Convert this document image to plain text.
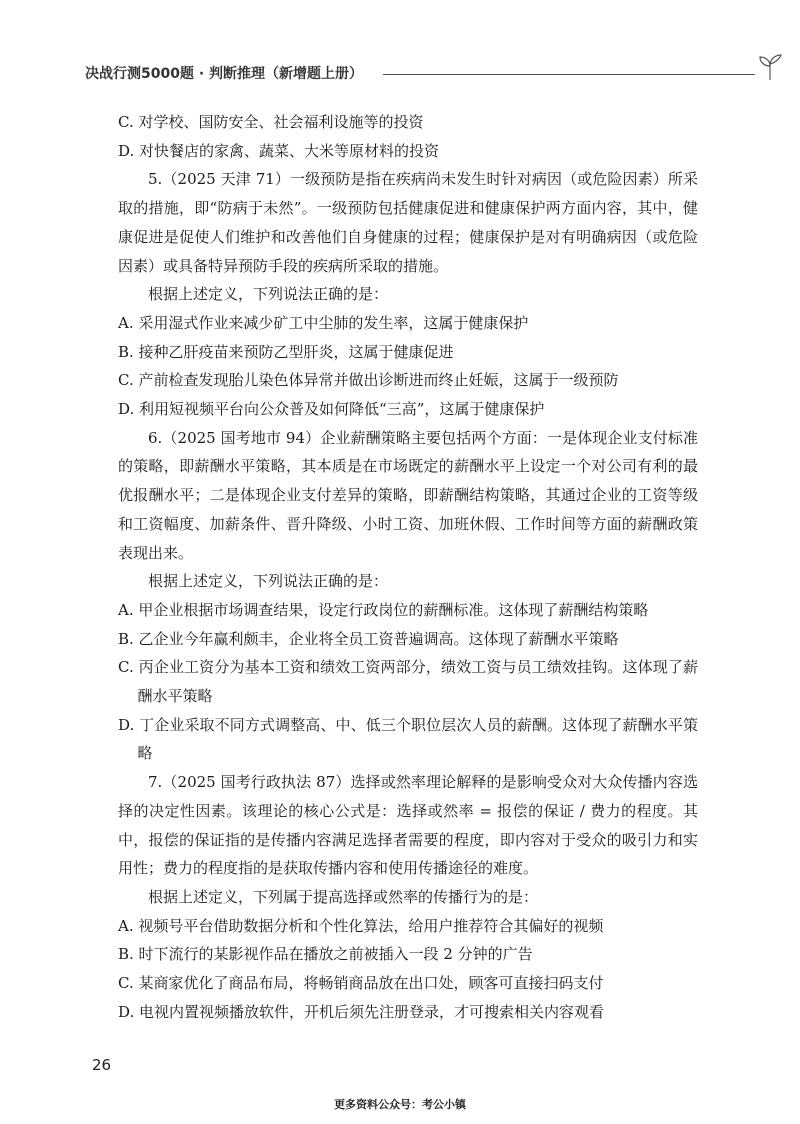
决战行测5000题 · 判断推理（新增题上册）

C. 对学校、国防安全、社会福利设施等的投资

D. 对快餐店的家禽、蔬菜、大米等原材料的投资

5.（2025 天津 71）一级预防是指在疾病尚未发生时针对病因（或危险因素）所采取的措施，即“防病于未然”。一级预防包括健康促进和健康保护两方面内容，其中，健康促进是促使人们维护和改善他们自身健康的过程；健康保护是对有明确病因（或危险因素）或具备特异预防手段的疾病所采取的措施。

根据上述定义，下列说法正确的是：

A. 采用湿式作业来减少矿工中尘肺的发生率，这属于健康保护

B. 接种乙肝疫苗来预防乙型肝炎，这属于健康促进

C. 产前检查发现胎儿染色体异常并做出诊断进而终止妊娠，这属于一级预防

D. 利用短视频平台向公众普及如何降低“三高”，这属于健康保护

6.（2025 国考地市 94）企业薪酬策略主要包括两个方面：一是体现企业支付标准的策略，即薪酬水平策略，其本质是在市场既定的薪酬水平上设定一个对公司有利的最优报酬水平；二是体现企业支付差异的策略，即薪酬结构策略，其通过企业的工资等级和工资幅度、加薪条件、晋升降级、小时工资、加班休假、工作时间等方面的薪酬政策表现出来。

根据上述定义，下列说法正确的是：

A. 甲企业根据市场调查结果，设定行政岗位的薪酬标准。这体现了薪酬结构策略

B. 乙企业今年赢利颇丰，企业将全员工资普遍调高。这体现了薪酬水平策略

C. 丙企业工资分为基本工资和绩效工资两部分，绩效工资与员工绩效挂钩。这体现了薪酬水平策略

D. 丁企业采取不同方式调整高、中、低三个职位层次人员的薪酬。这体现了薪酬水平策略

7.（2025 国考行政执法 87）选择或然率理论解释的是影响受众对大众传播内容选择的决定性因素。该理论的核心公式是：选择或然率 = 报偿的保证 / 费力的程度。其中，报偿的保证指的是传播内容满足选择者需要的程度，即内容对于受众的吸引力和实用性；费力的程度指的是获取传播内容和使用传播途径的难度。

根据上述定义，下列属于提高选择或然率的传播行为的是：

A. 视频号平台借助数据分析和个性化算法，给用户推荐符合其偏好的视频

B. 时下流行的某影视作品在播放之前被插入一段 2 分钟的广告

C. 某商家优化了商品布局，将畅销商品放在出口处，顾客可直接扫码支付

D. 电视内置视频播放软件，开机后须先注册登录，才可搜索相关内容观看

26
更多资料公众号：考公小镇
